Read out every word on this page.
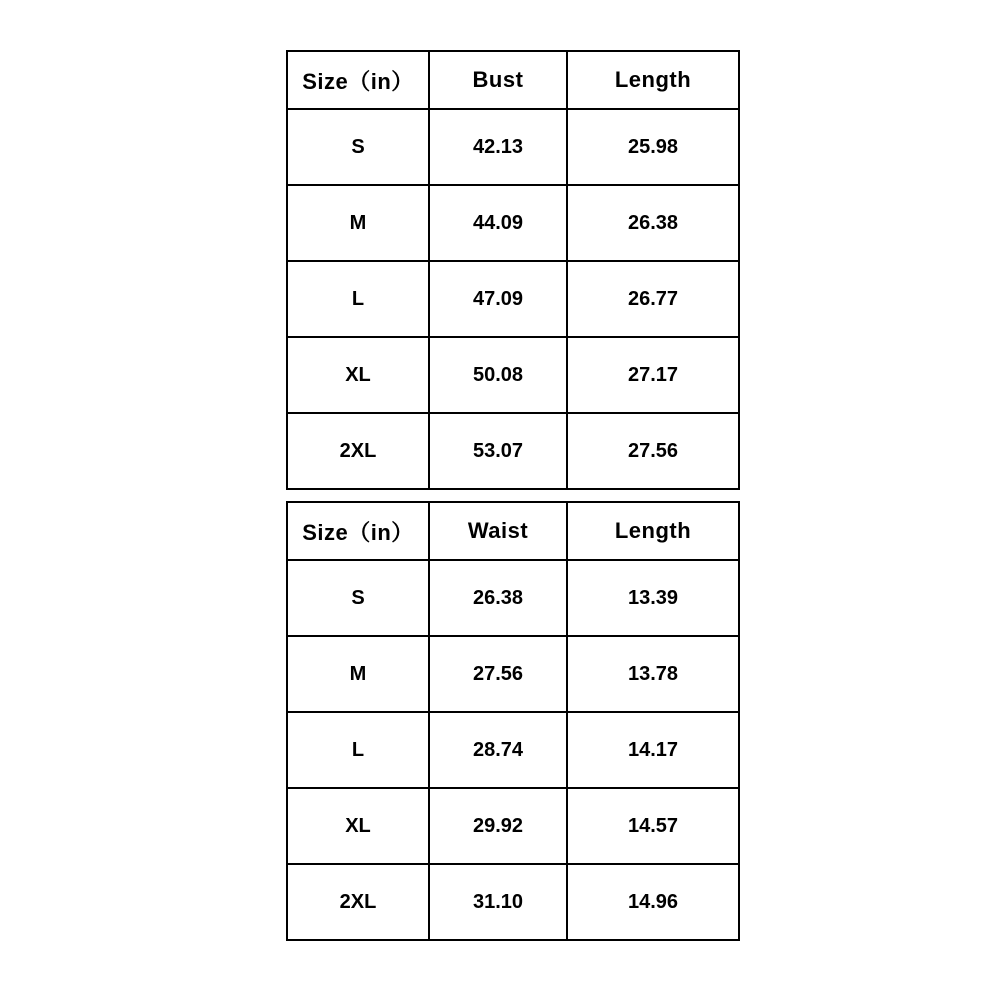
Size（in）	Bust	Length
S	42.13	25.98
M	44.09	26.38
L	47.09	26.77
XL	50.08	27.17
2XL	53.07	27.56
Size（in）	Waist	Length
S	26.38	13.39
M	27.56	13.78
L	28.74	14.17
XL	29.92	14.57
2XL	31.10	14.96
